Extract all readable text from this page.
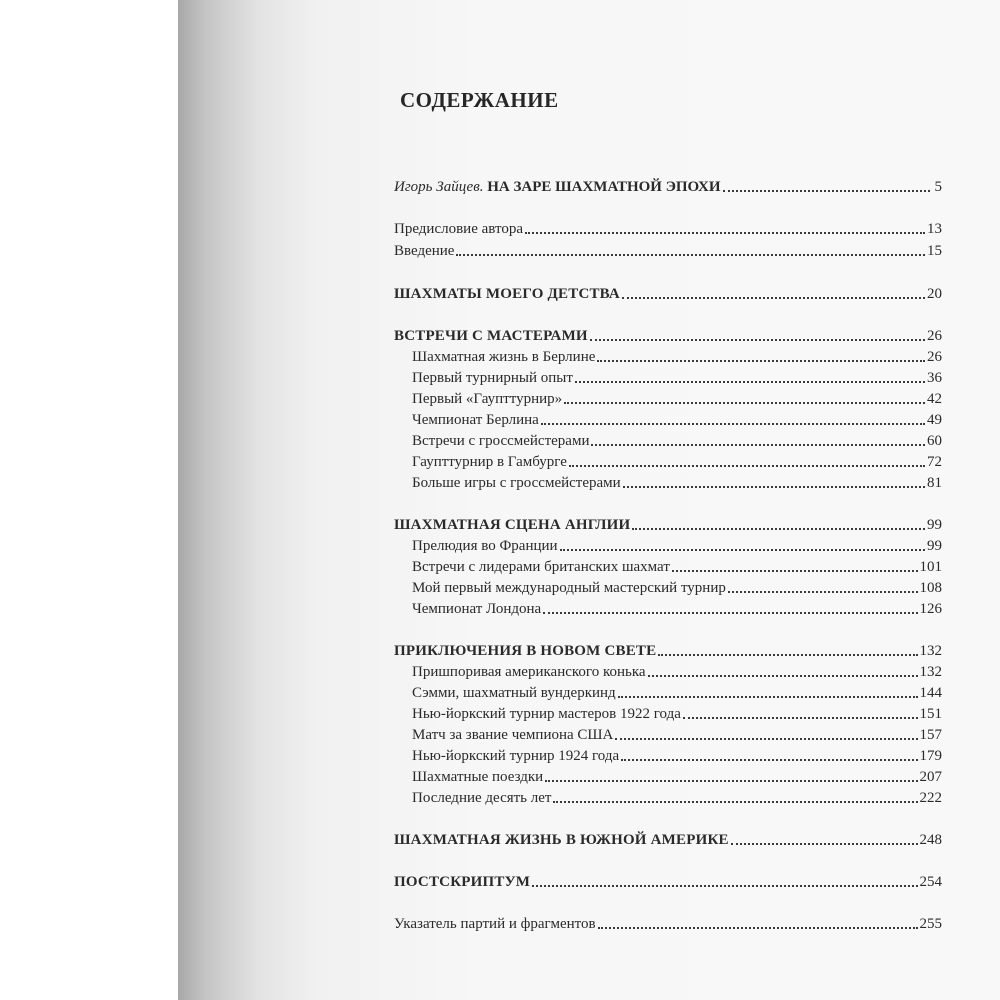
СОДЕРЖАНИЕ
Игорь Зайцев. НА ЗАРЕ ШАХМАТНОЙ ЭПОХИ	5
Предисловие автора	13
Введение	15
ШАХМАТЫ МОЕГО ДЕТСТВА	20
ВСТРЕЧИ С МАСТЕРАМИ	26
Шахматная жизнь в Берлине	26
Первый турнирный опыт	36
Первый «Гаупттурнир»	42
Чемпионат Берлина	49
Встречи с гроссмейстерами	60
Гаупттурнир в Гамбурге	72
Больше игры с гроссмейстерами	81
ШАХМАТНАЯ СЦЕНА АНГЛИИ	99
Прелюдия во Франции	99
Встречи с лидерами британских шахмат	101
Мой первый международный мастерский турнир	108
Чемпионат Лондона	126
ПРИКЛЮЧЕНИЯ В НОВОМ СВЕТЕ	132
Пришпоривая американского конька	132
Сэмми, шахматный вундеркинд	144
Нью-йоркский турнир мастеров 1922 года	151
Матч за звание чемпиона США	157
Нью-йоркский турнир 1924 года	179
Шахматные поездки	207
Последние десять лет	222
ШАХМАТНАЯ ЖИЗНЬ В ЮЖНОЙ АМЕРИКЕ	248
ПОСТСКРИПТУМ	254
Указатель партий и фрагментов	255
